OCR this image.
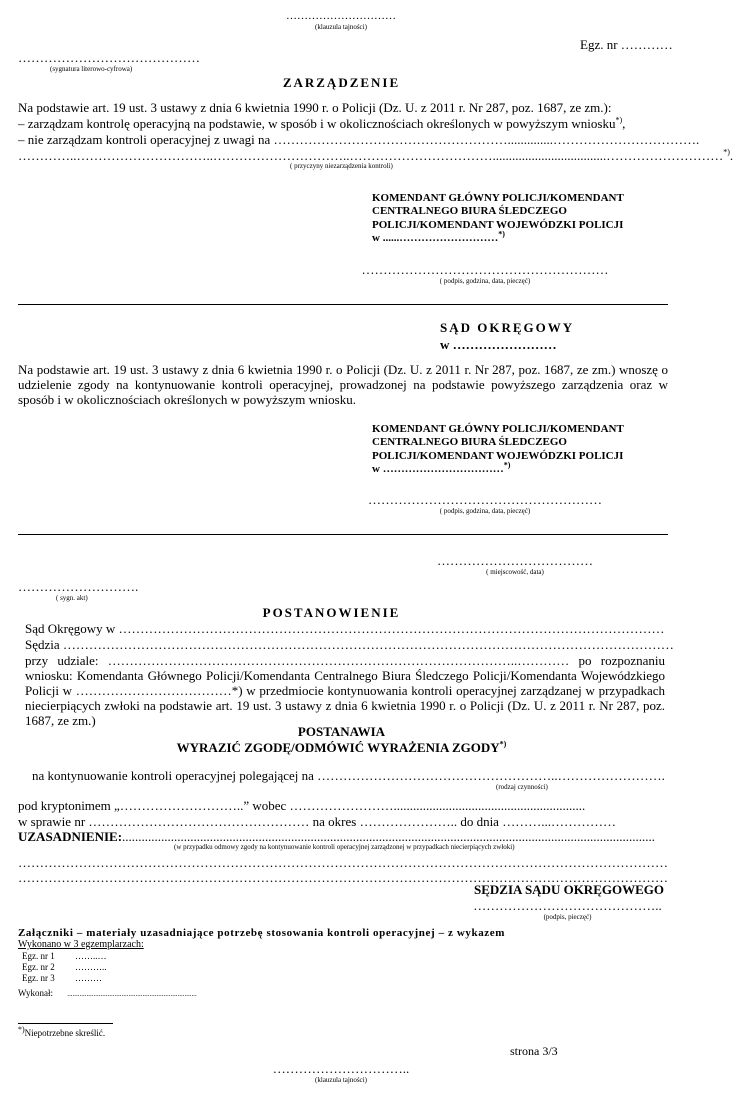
…………………………
(klauzula tajności)
Egz. nr …………
……………………………………
(sygnatura literowo-cyfrowa)
ZARZĄDZENIE
Na podstawie art. 19 ust. 3 ustawy z dnia 6 kwietnia 1990 r. o Policji (Dz. U. z 2011 r. Nr 287, poz. 1687, ze zm.):
– zarządzam kontrolę operacyjną na podstawie, w sposób i w okolicznościach określonych w powyższym wniosku*),
– nie zarządzam kontroli operacyjnej z uwagi na ………………………………………………..............…………………………….
…………..…………………………..…………………………..……………………………...................................………………………*).
( przyczyny niezarządzenia kontroli)
KOMENDANT GŁÓWNY POLICJI/KOMENDANT
CENTRALNEGO BIURA ŚLEDCZEGO
POLICJI/KOMENDANT WOJEWÓDZKI POLICJI
w ......………………………*)
…………………………………………………
( podpis, godzina, data, pieczęć)
SĄD OKRĘGOWY
w ……………………
Na podstawie art. 19 ust. 3 ustawy z dnia 6 kwietnia 1990 r. o Policji (Dz. U. z 2011 r. Nr 287, poz. 1687, ze zm.) wnoszę o udzielenie zgody na kontynuowanie kontroli operacyjnej, prowadzonej na podstawie powyższego zarządzenia oraz w sposób i w okolicznościach określonych w powyższym wniosku.
KOMENDANT GŁÓWNY POLICJI/KOMENDANT
CENTRALNEGO BIURA ŚLEDCZEGO
POLICJI/KOMENDANT WOJEWÓDZKI POLICJI
w ……………………………*)
………………………………………………
( podpis, godzina, data, pieczęć)
………………………………
( miejscowość, data)
……………………….
( sygn. akt)
POSTANOWIENIE
Sąd Okręgowy w ………………………………………………………………………………………………………………
Sędzia ……………………………………………………………………………………………………………………………
przy udziale: …………………………………………………………………………………..………… po rozpoznaniu wniosku: Komendanta Głównego Policji/Komendanta Centralnego Biura Śledczego Policji/Komendanta Wojewódzkiego Policji w ………………………………*) w przedmiocie kontynuowania kontroli operacyjnej zarządzanej w przypadkach niecierpiących zwłoki na podstawie art. 19 ust. 3 ustawy z dnia 6 kwietnia 1990 r. o Policji (Dz. U. z 2011 r. Nr 287, poz. 1687, ze zm.)
POSTANAWIA
WYRAZIĆ ZGODĘ/ODMÓWIĆ WYRAŻENIA ZGODY*)
na kontynuowanie kontroli operacyjnej polegającej na ………………………………………………..…………………….
(rodzaj czynności)
pod kryptonimem „………………………..” wobec ……………………...........................................................
w sprawie nr …………………………………………… na okres ………………….. do dnia ………...……………
UZASADNIENIE:....................................................................................................................................................................
(w przypadku odmowy zgody na kontynuowanie kontroli operacyjnej zarządzonej w przypadkach niecierpiących zwłoki)
……………………………………………………………………………………………………………………………………
……………………………………………………………………………………………………………………………………
SĘDZIA SĄDU OKRĘGOWEGO
……………………………………..
(podpis, pieczęć)
Załączniki – materiały uzasadniające potrzebę stosowania kontroli operacyjnej – z wykazem
Wykonano w 3 egzemplarzach:
Egz. nr 1 ……..…
Egz. nr 2 ………..
Egz. nr 3 ………
Wykonał: ..........................................................................
*)Niepotrzebne skreślić.
strona 3/3
…………………………..
(klauzula tajności)
